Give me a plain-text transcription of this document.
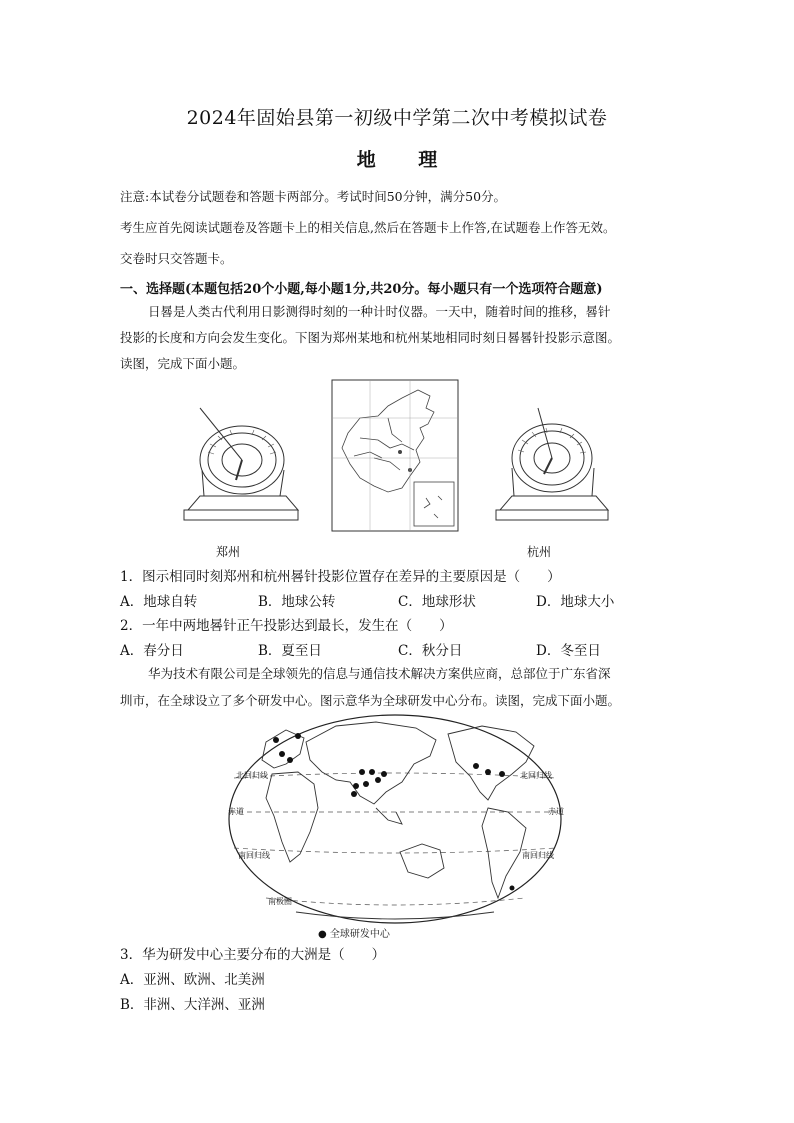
2024年固始县第一初级中学第二次中考模拟试卷
地 理
注意:本试卷分试题卷和答题卡两部分。考试时间50分钟，满分50分。
考生应首先阅读试题卷及答题卡上的相关信息,然后在答题卡上作答,在试题卷上作答无效。
交卷时只交答题卡。
一、选择题(本题包括20个小题,每小题1分,共20分。每小题只有一个选项符合题意)
日晷是人类古代利用日影测得时刻的一种计时仪器。一天中，随着时间的推移，晷针
投影的长度和方向会发生变化。下图为郑州某地和杭州某地相同时刻日晷晷针投影示意图。
读图，完成下面小题。
郑州	杭州
1．图示相同时刻郑州和杭州晷针投影位置存在差异的主要原因是（　　）
A．地球自转	B．地球公转	C．地球形状	D．地球大小
2．一年中两地晷针正午投影达到最长，发生在（　　）
A．春分日	B．夏至日	C．秋分日	D．冬至日
华为技术有限公司是全球领先的信息与通信技术解决方案供应商，总部位于广东省深
圳市，在全球设立了多个研发中心。图示意华为全球研发中心分布。读图，完成下面小题。
北回归线	北回归线
赤道	赤道
南回归线	南回归线
南极圈
● 全球研发中心
3．华为研发中心主要分布的大洲是（　　）
A．亚洲、欧洲、北美洲
B．非洲、大洋洲、亚洲
